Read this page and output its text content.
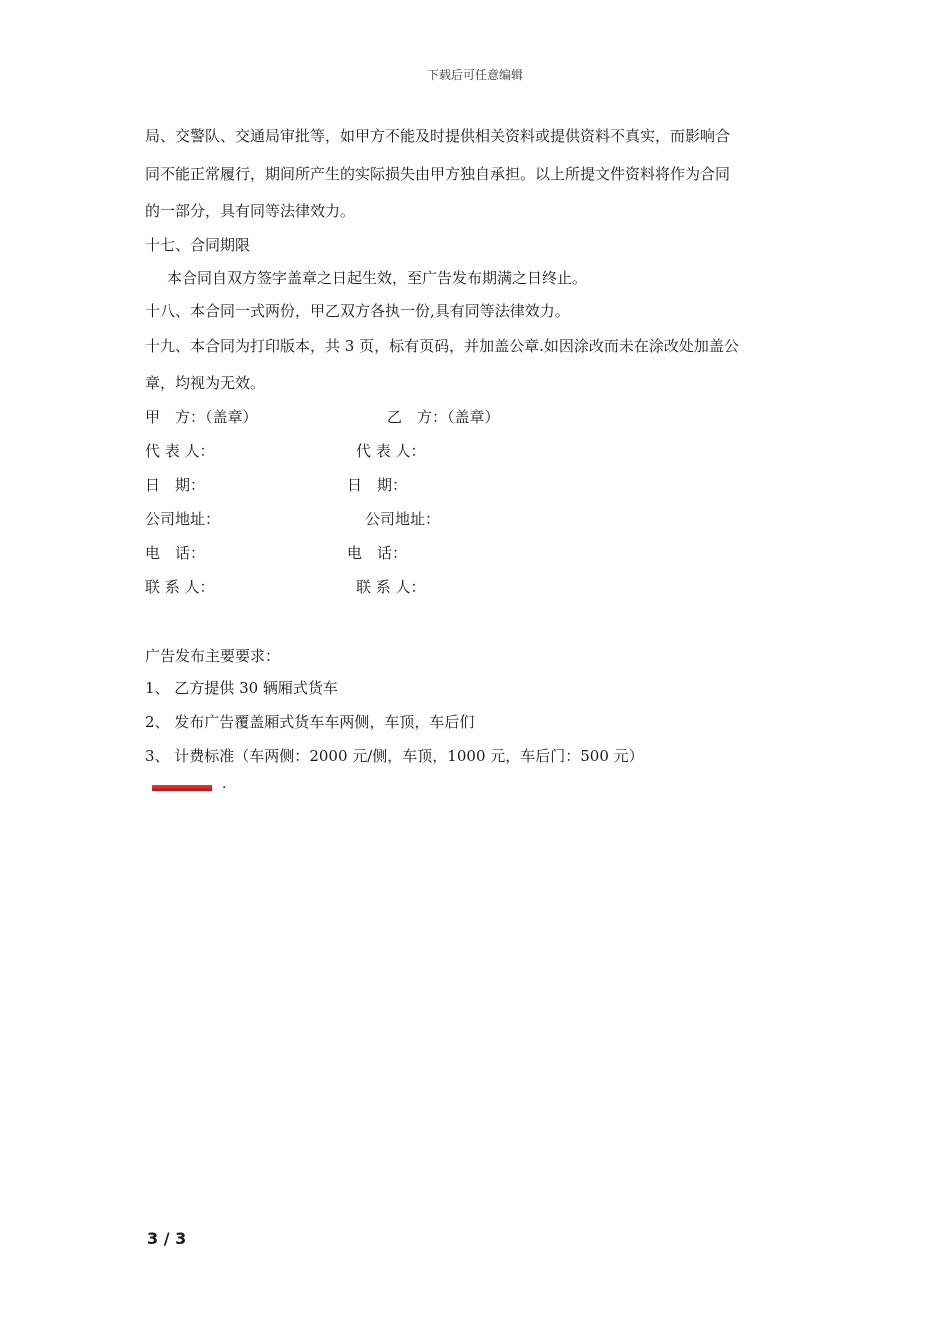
下载后可任意编辑
局、交警队、交通局审批等，如甲方不能及时提供相关资料或提供资料不真实，而影响合
同不能正常履行，期间所产生的实际损失由甲方独自承担。以上所提文件资料将作为合同
的一部分，具有同等法律效力。
十七、合同期限
本合同自双方签字盖章之日起生效，至广告发布期满之日终止。
十八、本合同一式两份，甲乙双方各执一份,具有同等法律效力。
十九、本合同为打印版本，共 3 页，标有页码，并加盖公章.如因涂改而未在涂改处加盖公
章，均视为无效。
甲　方：（盖章）	乙　方：（盖章）
代 表 人：	代 表 人：
日　期：	日　期：
公司地址：	公司地址：
电　话：	电　话：
联 系 人：	联 系 人：
广告发布主要要求：
1、 乙方提供 30 辆厢式货车
2、 发布广告覆盖厢式货车车两侧，车顶，车后们
3、 计费标准（车两侧：2000 元/侧，车顶，1000 元，车后门：500 元）
.
3 / 3
